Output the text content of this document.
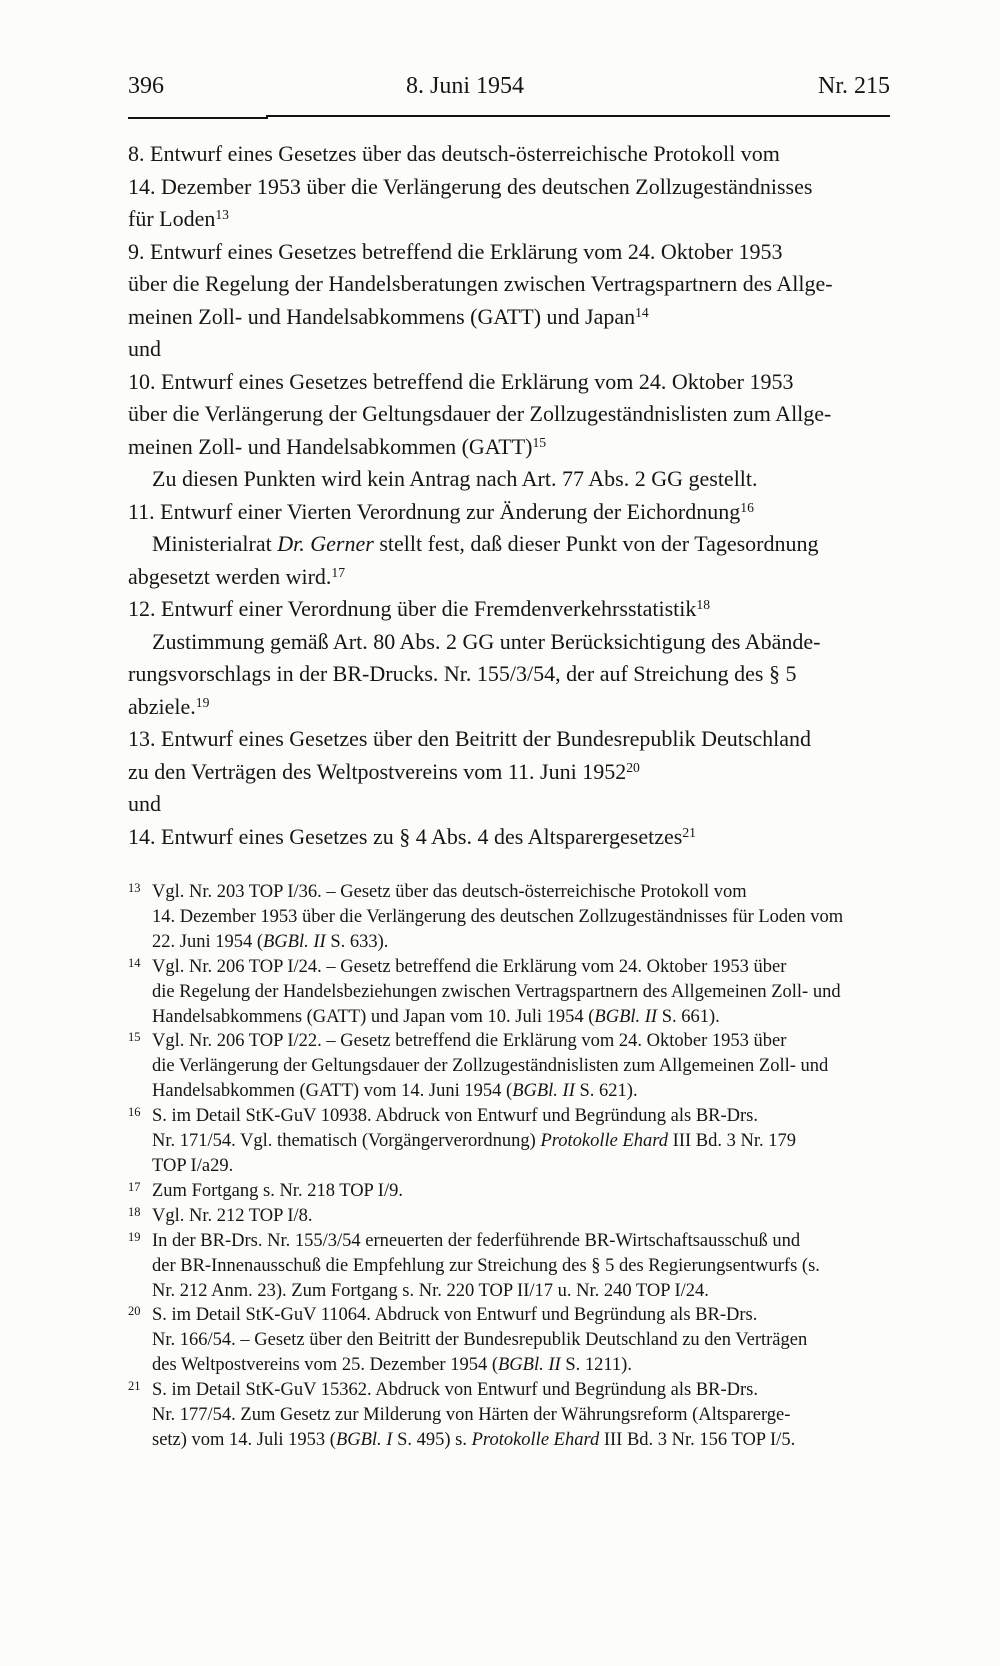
396	8. Juni 1954	Nr. 215
8. Entwurf eines Gesetzes über das deutsch-österreichische Protokoll vom
14. Dezember 1953 über die Verlängerung des deutschen Zollzugeständnisses
für Loden$^{13}$
9. Entwurf eines Gesetzes betreffend die Erklärung vom 24. Oktober 1953
über die Regelung der Handelsberatungen zwischen Vertragspartnern des Allge-
meinen Zoll- und Handelsabkommens (GATT) und Japan$^{14}$
und
10. Entwurf eines Gesetzes betreffend die Erklärung vom 24. Oktober 1953
über die Verlängerung der Geltungsdauer der Zollzugeständnislisten zum Allge-
meinen Zoll- und Handelsabkommen (GATT)$^{15}$
Zu diesen Punkten wird kein Antrag nach Art. 77 Abs. 2 GG gestellt.
11. Entwurf einer Vierten Verordnung zur Änderung der Eichordnung$^{16}$
Ministerialrat Dr. Gerner stellt fest, daß dieser Punkt von der Tagesordnung
abgesetzt werden wird.$^{17}$
12. Entwurf einer Verordnung über die Fremdenverkehrsstatistik$^{18}$
Zustimmung gemäß Art. 80 Abs. 2 GG unter Berücksichtigung des Abände-
rungsvorschlags in der BR-Drucks. Nr. 155/3/54, der auf Streichung des § 5
abziele.$^{19}$
13. Entwurf eines Gesetzes über den Beitritt der Bundesrepublik Deutschland
zu den Verträgen des Weltpostvereins vom 11. Juni 1952$^{20}$
und
14. Entwurf eines Gesetzes zu § 4 Abs. 4 des Altsparergesetzes$^{21}$
13 Vgl. Nr. 203 TOP I/36. – Gesetz über das deutsch-österreichische Protokoll vom
14. Dezember 1953 über die Verlängerung des deutschen Zollzugeständnisses für Loden vom
22. Juni 1954 (BGBl. II S. 633).
14 Vgl. Nr. 206 TOP I/24. – Gesetz betreffend die Erklärung vom 24. Oktober 1953 über
die Regelung der Handelsbeziehungen zwischen Vertragspartnern des Allgemeinen Zoll- und
Handelsabkommens (GATT) und Japan vom 10. Juli 1954 (BGBl. II S. 661).
15 Vgl. Nr. 206 TOP I/22. – Gesetz betreffend die Erklärung vom 24. Oktober 1953 über
die Verlängerung der Geltungsdauer der Zollzugeständnislisten zum Allgemeinen Zoll- und
Handelsabkommen (GATT) vom 14. Juni 1954 (BGBl. II S. 621).
16 S. im Detail StK-GuV 10938. Abdruck von Entwurf und Begründung als BR-Drs.
Nr. 171/54. Vgl. thematisch (Vorgängerverordnung) Protokolle Ehard III Bd. 3 Nr. 179
TOP I/a29.
17 Zum Fortgang s. Nr. 218 TOP I/9.
18 Vgl. Nr. 212 TOP I/8.
19 In der BR-Drs. Nr. 155/3/54 erneuerten der federführende BR-Wirtschaftsausschuß und
der BR-Innenausschuß die Empfehlung zur Streichung des § 5 des Regierungsentwurfs (s.
Nr. 212 Anm. 23). Zum Fortgang s. Nr. 220 TOP II/17 u. Nr. 240 TOP I/24.
20 S. im Detail StK-GuV 11064. Abdruck von Entwurf und Begründung als BR-Drs.
Nr. 166/54. – Gesetz über den Beitritt der Bundesrepublik Deutschland zu den Verträgen
des Weltpostvereins vom 25. Dezember 1954 (BGBl. II S. 1211).
21 S. im Detail StK-GuV 15362. Abdruck von Entwurf und Begründung als BR-Drs.
Nr. 177/54. Zum Gesetz zur Milderung von Härten der Währungsreform (Altsparerge-
setz) vom 14. Juli 1953 (BGBl. I S. 495) s. Protokolle Ehard III Bd. 3 Nr. 156 TOP I/5.
